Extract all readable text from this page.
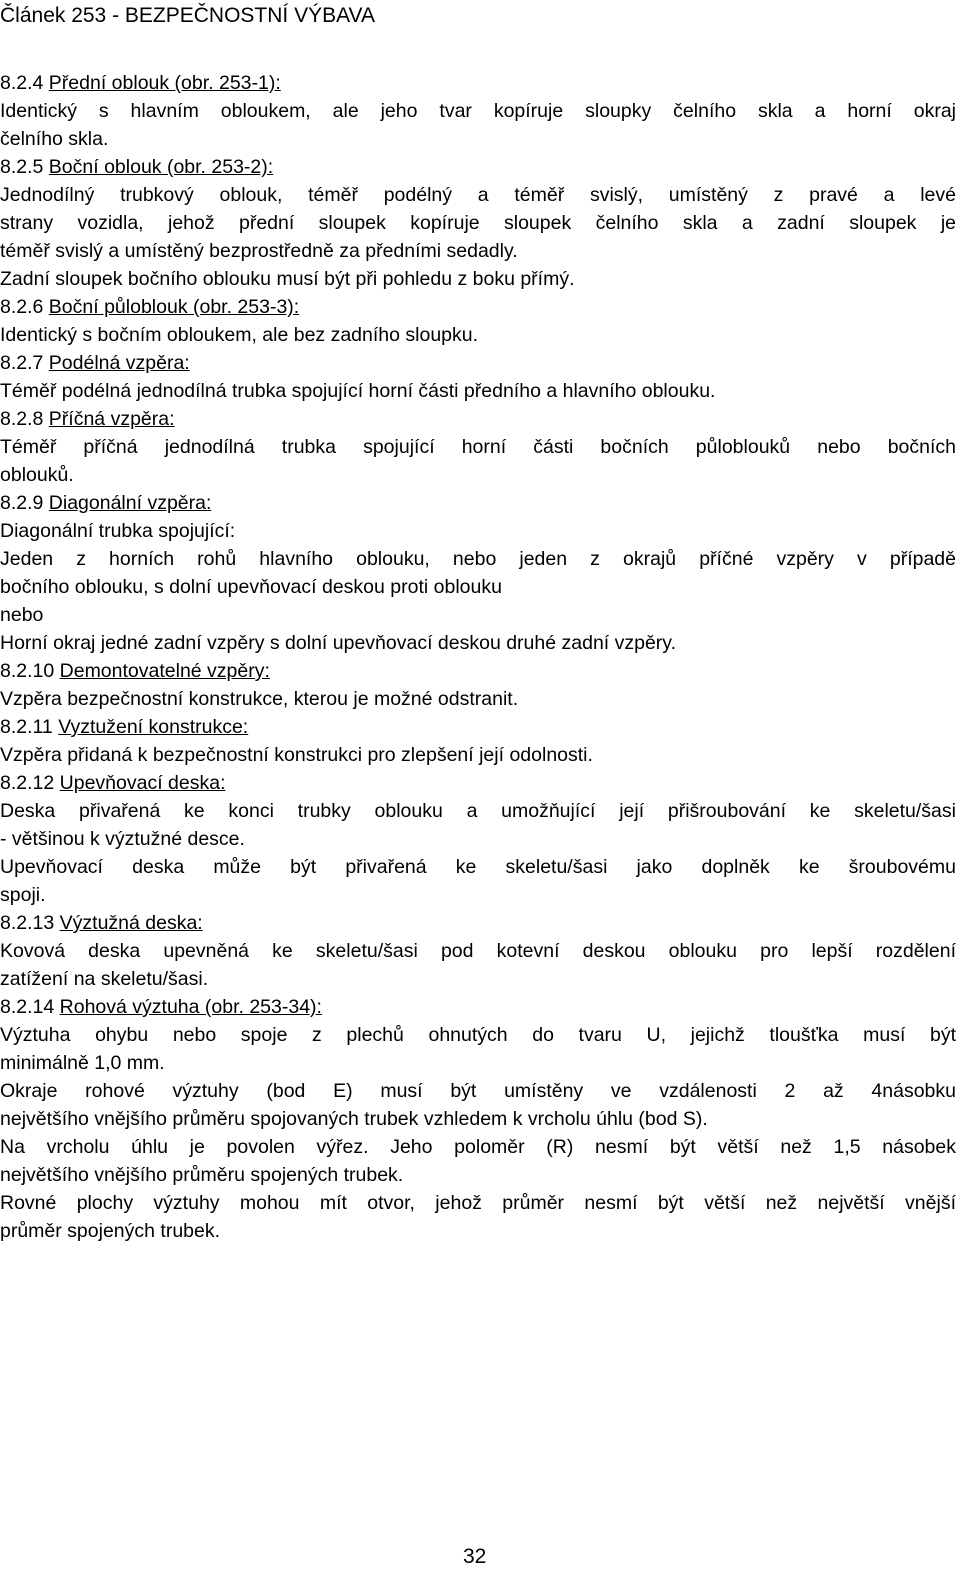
Článek 253 - BEZPEČNOSTNÍ VÝBAVA
8.2.4 Přední oblouk (obr. 253-1):
Identický s hlavním obloukem, ale jeho tvar kopíruje sloupky čelního skla a horní okraj
čelního skla.
8.2.5 Boční oblouk (obr. 253-2):
Jednodílný trubkový oblouk, téměř podélný a téměř svislý, umístěný z pravé a levé
strany vozidla, jehož přední sloupek kopíruje sloupek čelního skla a zadní sloupek je
téměř svislý a umístěný bezprostředně za předními sedadly.
Zadní sloupek bočního oblouku musí být při pohledu z boku přímý.
8.2.6 Boční půloblouk (obr. 253-3):
Identický s bočním obloukem, ale bez zadního sloupku.
8.2.7 Podélná vzpěra:
Téměř podélná jednodílná trubka spojující horní části předního a hlavního oblouku.
8.2.8 Příčná vzpěra:
Téměř příčná jednodílná trubka spojující horní části bočních půloblouků nebo bočních
oblouků.
8.2.9 Diagonální vzpěra:
Diagonální trubka spojující:
Jeden z horních rohů hlavního oblouku, nebo jeden z okrajů příčné vzpěry v případě
bočního oblouku, s dolní upevňovací deskou proti oblouku
nebo
Horní okraj jedné zadní vzpěry s dolní upevňovací deskou druhé zadní vzpěry.
8.2.10 Demontovatelné vzpěry:
Vzpěra bezpečnostní konstrukce, kterou je možné odstranit.
8.2.11 Vyztužení konstrukce:
Vzpěra přidaná k bezpečnostní konstrukci pro zlepšení její odolnosti.
8.2.12 Upevňovací deska:
Deska přivařená ke konci trubky oblouku a umožňující její přišroubování ke skeletu/šasi
- většinou k výztužné desce.
Upevňovací deska může být přivařená ke skeletu/šasi jako doplněk ke šroubovému
spoji.
8.2.13 Výztužná deska:
Kovová deska upevněná ke skeletu/šasi pod kotevní deskou oblouku pro lepší rozdělení
zatížení na skeletu/šasi.
8.2.14 Rohová výztuha (obr. 253-34):
Výztuha ohybu nebo spoje z plechů ohnutých do tvaru U, jejichž tloušťka musí být
minimálně 1,0 mm.
Okraje rohové výztuhy (bod E) musí být umístěny ve vzdálenosti 2 až 4násobku
největšího vnějšího průměru spojovaných trubek vzhledem k vrcholu úhlu (bod S).
Na vrcholu úhlu je povolen výřez. Jeho poloměr (R) nesmí být větší než 1,5 násobek
největšího vnějšího průměru spojených trubek.
Rovné plochy výztuhy mohou mít otvor, jehož průměr nesmí být větší než největší vnější
průměr spojených trubek.
32
